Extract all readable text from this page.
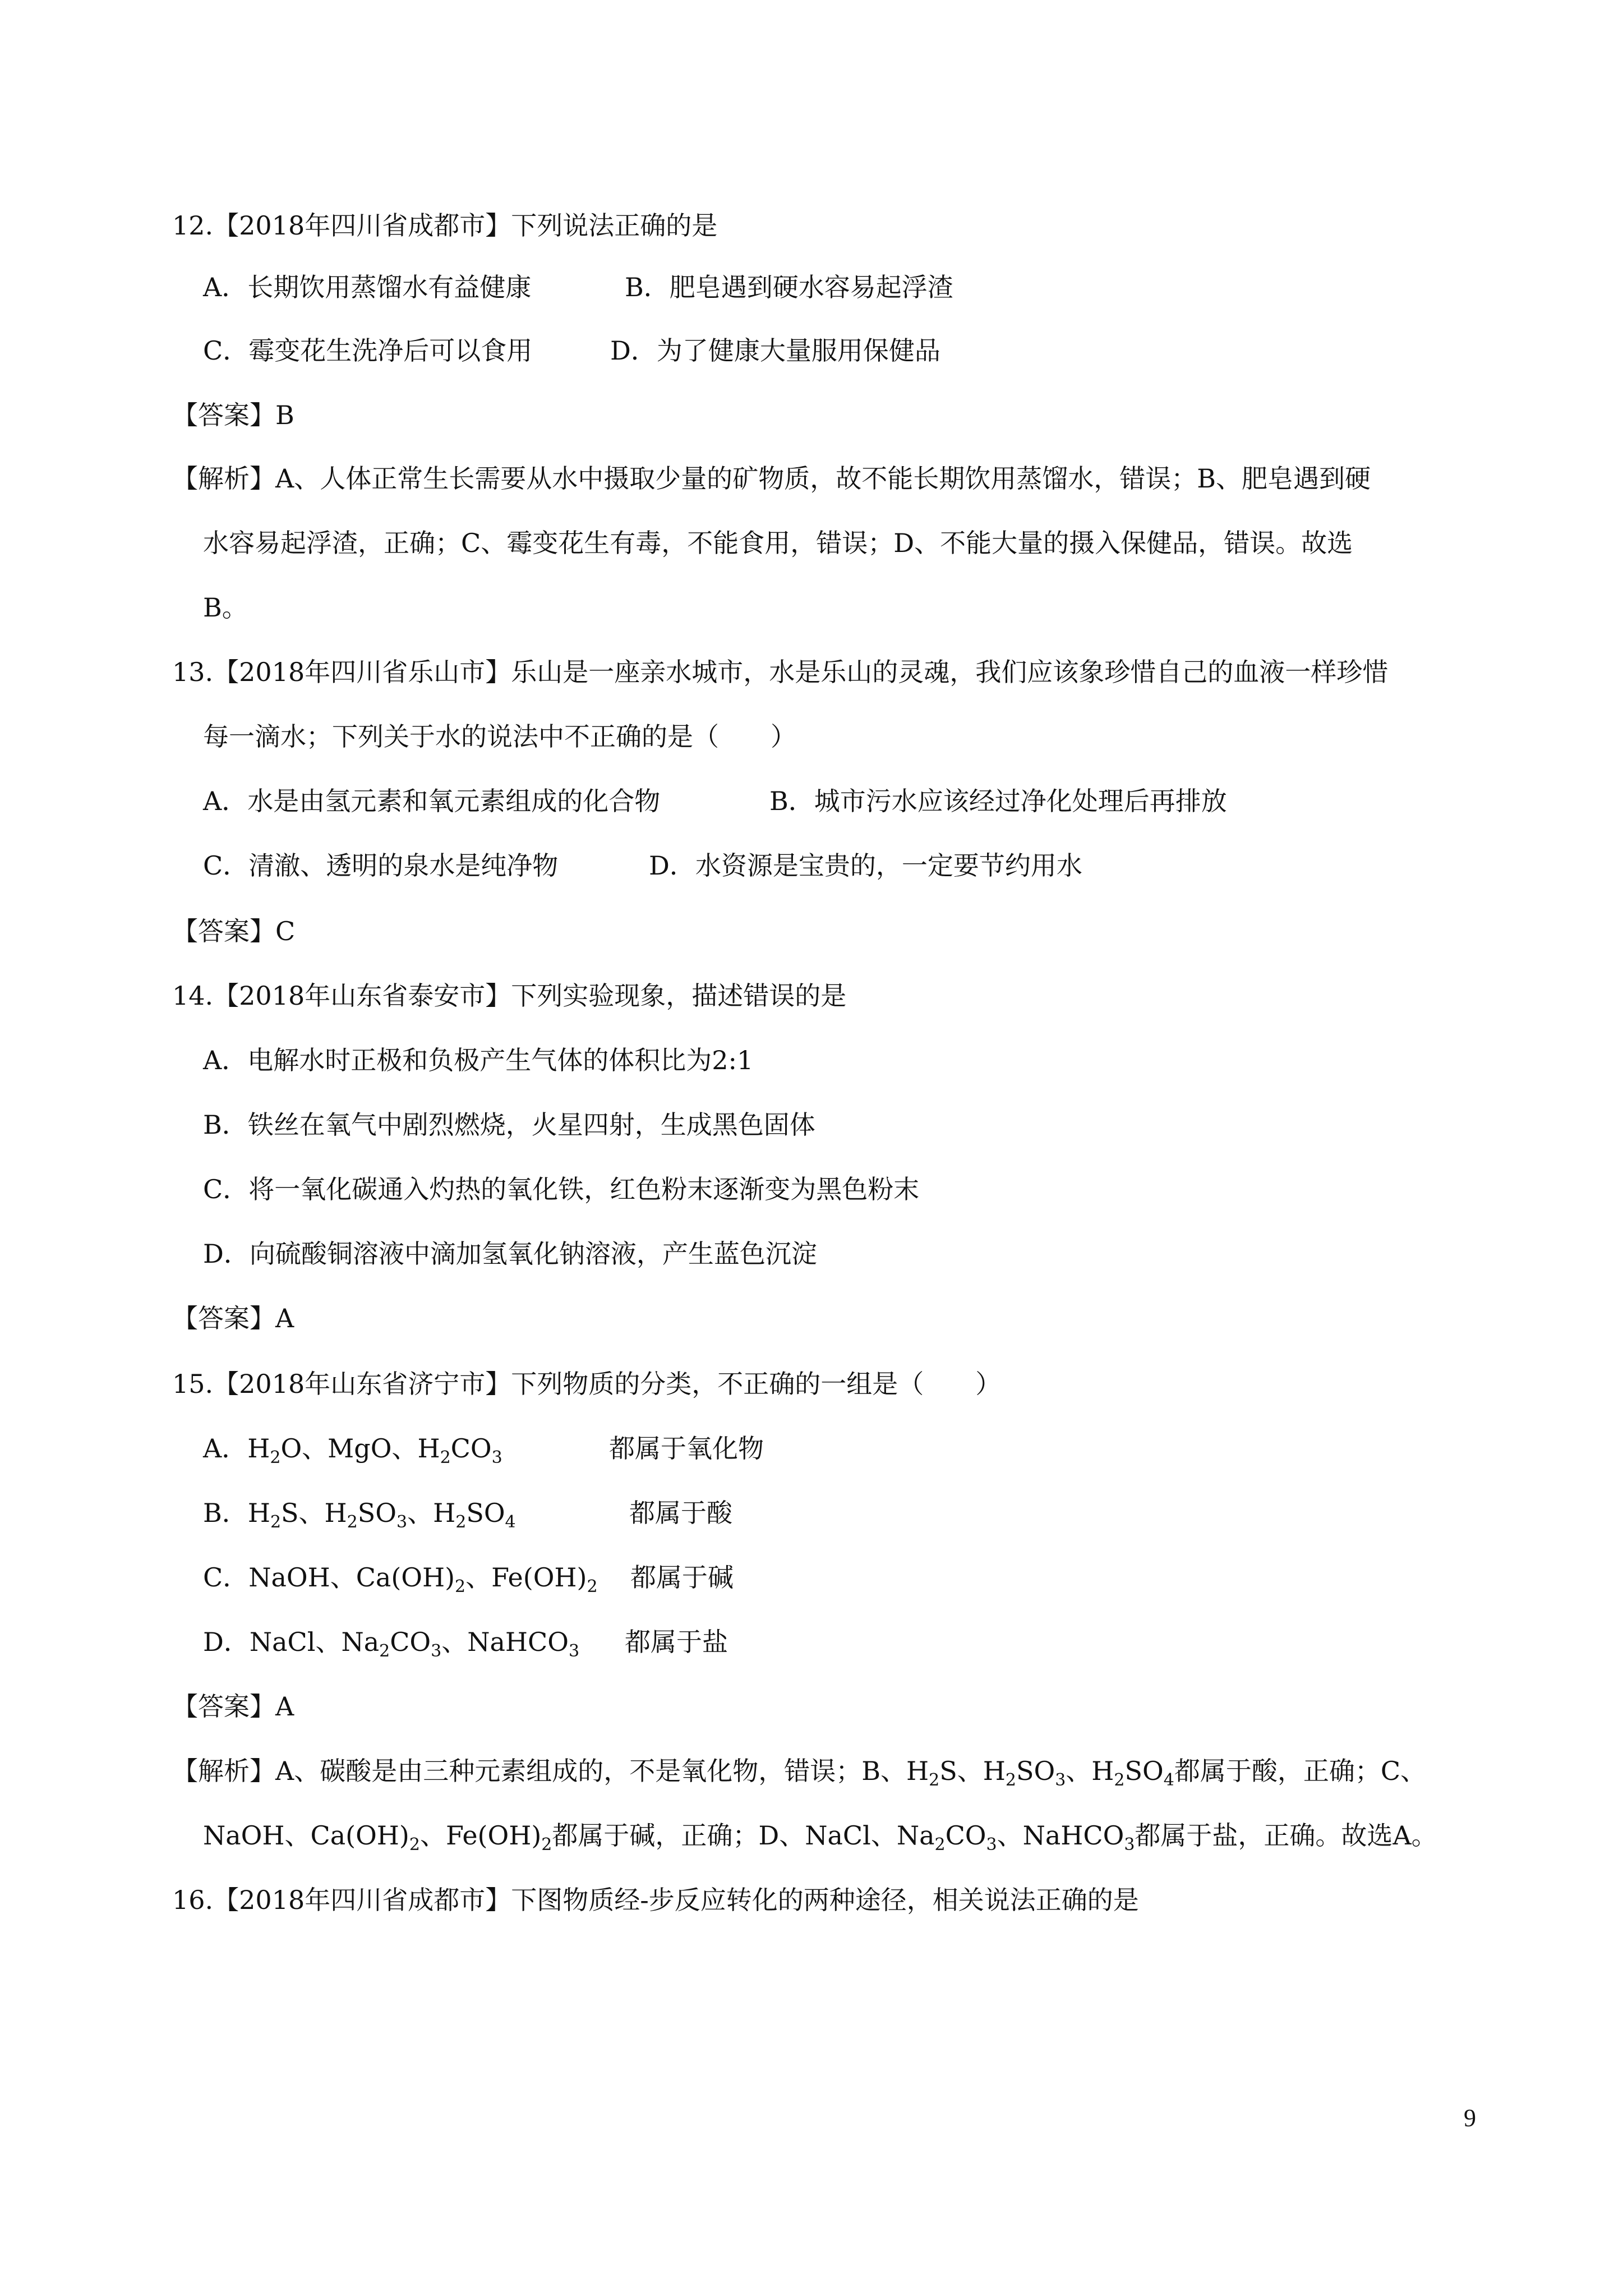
12.【2018年四川省成都市】下列说法正确的是
A．长期饮用蒸馏水有益健康	B．肥皂遇到硬水容易起浮渣
C．霉变花生洗净后可以食用	D．为了健康大量服用保健品
【答案】B
【解析】A、人体正常生长需要从水中摄取少量的矿物质，故不能长期饮用蒸馏水，错误；B、肥皂遇到硬
水容易起浮渣，正确；C、霉变花生有毒，不能食用，错误；D、不能大量的摄入保健品，错误。故选
B。
13.【2018年四川省乐山市】乐山是一座亲水城市，水是乐山的灵魂，我们应该象珍惜自己的血液一样珍惜
每一滴水；下列关于水的说法中不正确的是（　　）
A．水是由氢元素和氧元素组成的化合物	B．城市污水应该经过净化处理后再排放
C．清澈、透明的泉水是纯净物	D．水资源是宝贵的，一定要节约用水
【答案】C
14.【2018年山东省泰安市】下列实验现象，描述错误的是
A．电解水时正极和负极产生气体的体积比为2:1
B．铁丝在氧气中剧烈燃烧，火星四射，生成黑色固体
C．将一氧化碳通入灼热的氧化铁，红色粉末逐渐变为黑色粉末
D．向硫酸铜溶液中滴加氢氧化钠溶液，产生蓝色沉淀
【答案】A
15.【2018年山东省济宁市】下列物质的分类，不正确的一组是（　　）
A．$H_2O$、MgO、$H_2CO_3$	都属于氧化物
B．$H_2S$、$H_2SO_3$、$H_2SO_4$	都属于酸
C．NaOH、$Ca(OH)_2$、$Fe(OH)_2$ 都属于碱
D．NaCl、$Na_2CO_3$、NaHCO$_3$ 都属于盐
【答案】A
【解析】A、碳酸是由三种元素组成的，不是氧化物，错误；B、$H_2S$、$H_2SO_3$、$H_2SO_4$都属于酸，正确；C、
NaOH、$Ca(OH)_2$、$Fe(OH)_2$都属于碱，正确；D、NaCl、$Na_2CO_3$、NaHCO$_3$都属于盐，正确。故选A。
16.【2018年四川省成都市】下图物质经-步反应转化的两种途径，相关说法正确的是
9
